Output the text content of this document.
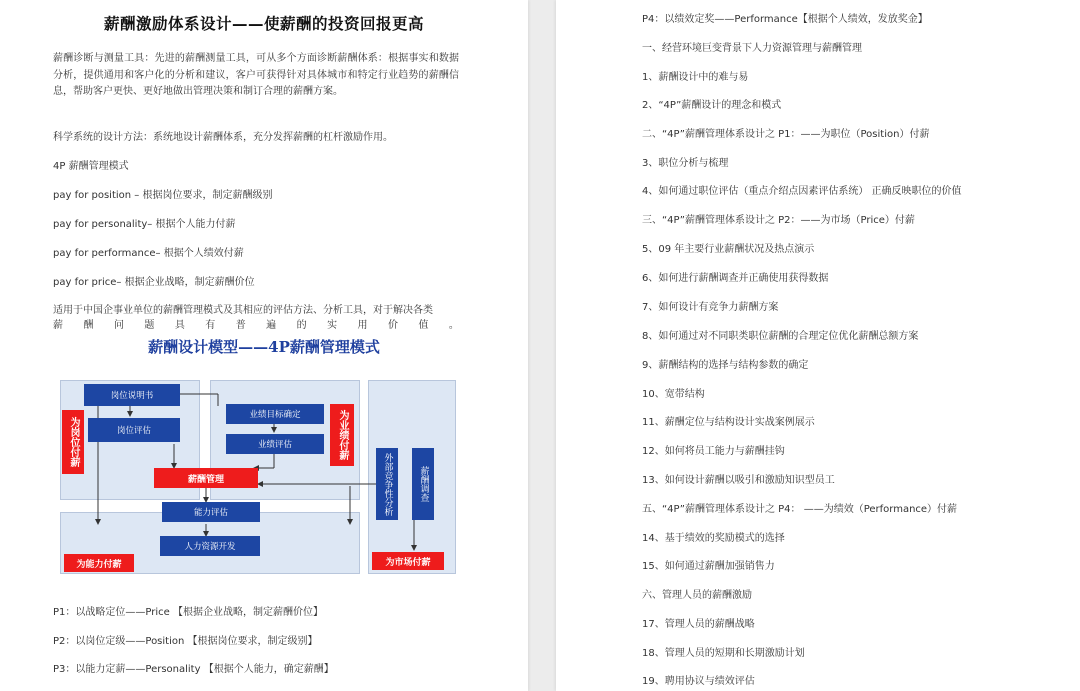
薪酬激励体系设计——使薪酬的投资回报更高
薪酬诊断与测量工具：先进的薪酬测量工具，可从多个方面诊断薪酬体系：根据事实和数据分析，提供通用和客户化的分析和建议，客户可获得针对具体城市和特定行业趋势的薪酬信息，帮助客户更快、更好地做出管理决策和制订合理的薪酬方案。
科学系统的设计方法：系统地设计薪酬体系，充分发挥薪酬的杠杆激励作用。
4P 薪酬管理模式
pay for position – 根据岗位要求，制定薪酬级别
pay for personality– 根据个人能力付薪
pay for performance– 根据个人绩效付薪
pay for price– 根据企业战略，制定薪酬价位
适用于中国企事业单位的薪酬管理模式及其相应的评估方法、分析工具，对于解决各类
薪 酬 问 题 具 有 普 遍 的 实 用 价 值 。
薪酬设计模型——4P薪酬管理模式
岗位说明书
岗位评估
业绩目标确定
业绩评估
薪酬管理
能力评估
人力资源开发
外部竞争性分析	薪酬调查
为岗位付薪	为业绩付薪
为能力付薪	为市场付薪
P1：以战略定位——Price 【根据企业战略，制定薪酬价位】
P2：以岗位定级——Position 【根据岗位要求，制定级别】
P3：以能力定薪——Personality 【根据个人能力，确定薪酬】
P4：以绩效定奖——Performance【根据个人绩效，发放奖金】
一、经营环境巨变背景下人力资源管理与薪酬管理
1、薪酬设计中的难与易
2、“4P”薪酬设计的理念和模式
二、“4P”薪酬管理体系设计之 P1：——为职位（Position）付薪
3、职位分析与梳理
4、如何通过职位评估（重点介绍点因素评估系统） 正确反映职位的价值
三、“4P”薪酬管理体系设计之 P2：——为市场（Price）付薪
5、09 年主要行业薪酬状况及热点演示
6、如何进行薪酬调查并正确使用获得数据
7、如何设计有竞争力薪酬方案
8、如何通过对不同职类职位薪酬的合理定位优化薪酬总额方案
9、薪酬结构的选择与结构参数的确定
10、宽带结构
11、薪酬定位与结构设计实战案例展示
12、如何将员工能力与薪酬挂钩
13、如何设计薪酬以吸引和激励知识型员工
五、“4P”薪酬管理体系设计之 P4： ——为绩效（Performance）付薪
14、基于绩效的奖励模式的选择
15、如何通过薪酬加强销售力
六、管理人员的薪酬激励
17、管理人员的薪酬战略
18、管理人员的短期和长期激励计划
19、聘用协议与绩效评估
